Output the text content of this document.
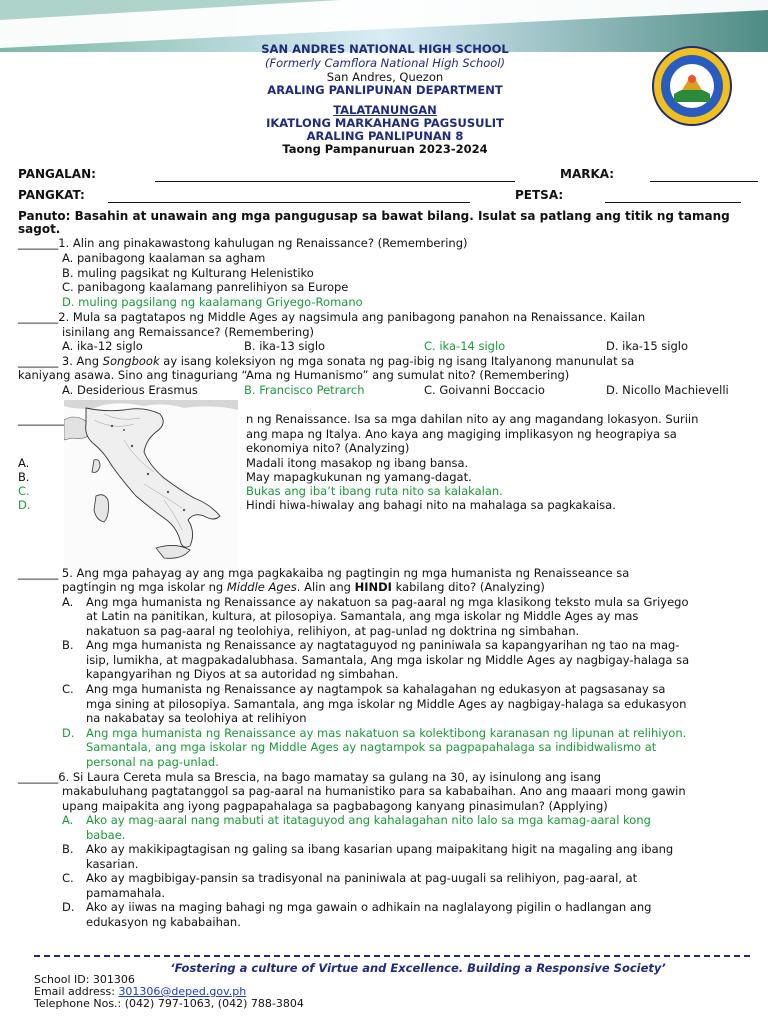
SAN ANDRES NATIONAL HIGH SCHOOL
(Formerly Camflora National High School)
San Andres, Quezon
ARALING PANLIPUNAN DEPARTMENT
TALATANUNGAN
IKATLONG MARKAHANG PAGSUSULIT
ARALING PANLIPUNAN 8
Taong Pampanuruan 2023-2024
PANGALAN:	MARKA:
PANGKAT:	PETSA:
Panuto: Basahin at unawain ang mga pangugusap sa bawat bilang. Isulat sa patlang ang titik ng tamang sagot.
_______1. Alin ang pinakawastong kahulugan ng Renaissance? (Remembering)
A. panibagong kaalaman sa agham
B. muling pagsikat ng Kulturang Helenistiko
C. panibagong kaalamang panrelihiyon sa Europe
D. muling pagsilang ng kaalamang Griyego-Romano
_______2. Mula sa pagtatapos ng Middle Ages ay nagsimula ang panibagong panahon na Renaissance. Kailan
isinilang ang Remaissance? (Remembering)
A. ika-12 siglo	B. ika-13 siglo	C. ika-14 siglo	D. ika-15 siglo
_______ 3. Ang Songbook ay isang koleksiyon ng mga sonata ng pag-ibig ng isang Italyanong manunulat sa
kaniyang asawa. Sino ang tinaguriang “Ama ng Humanismo” ang sumulat nito? (Remembering)
A. Desiderious Erasmus	B. Francisco Petrarch	C. Goivanni Boccacio	D. Nicollo Machievelli
________	n ng Renaissance. Isa sa mga dahilan nito ay ang magandang lokasyon. Suriin
ang mapa ng Italya. Ano kaya ang magiging implikasyon ng heograpiya sa
ekonomiya nito? (Analyzing)
A.	Madali itong masakop ng ibang bansa.
B.	May mapagkukunan ng yamang-dagat.
C.	Bukas ang iba’t ibang ruta nito sa kalakalan.
D.	Hindi hiwa-hiwalay ang bahagi nito na mahalaga sa pagkakaisa.
_______ 5. Ang mga pahayag ay ang mga pagkakaiba ng pagtingin ng mga humanista ng Renaisseance sa
pagtingin ng mga iskolar ng Middle Ages. Alin ang HINDI kabilang dito? (Analyzing)
A. Ang mga humanista ng Renaissance ay nakatuon sa pag-aaral ng mga klasikong teksto mula sa Griyego
at Latin na panitikan, kultura, at pilosopiya. Samantala, ang mga iskolar ng Middle Ages ay mas
nakatuon sa pag-aaral ng teolohiya, relihiyon, at pag-unlad ng doktrina ng simbahan.
B. Ang mga humanista ng Renaissance ay nagtataguyod ng paniniwala sa kapangyarihan ng tao na mag-
isip, lumikha, at magpakadalubhasa. Samantala, Ang mga iskolar ng Middle Ages ay nagbigay-halaga sa
kapangyarihan ng Diyos at sa autoridad ng simbahan.
C. Ang mga humanista ng Renaissance ay nagtampok sa kahalagahan ng edukasyon at pagsasanay sa
mga sining at pilosopiya. Samantala, ang mga iskolar ng Middle Ages ay nagbigay-halaga sa edukasyon
na nakabatay sa teolohiya at relihiyon
D. Ang mga humanista ng Renaissance ay mas nakatuon sa kolektibong karanasan ng lipunan at relihiyon.
Samantala, ang mga iskolar ng Middle Ages ay nagtampok sa pagpapahalaga sa indibidwalismo at
personal na pag-unlad.
_______6. Si Laura Cereta mula sa Brescia, na bago mamatay sa gulang na 30, ay isinulong ang isang
makabuluhang pagtatanggol sa pag-aaral na humanistiko para sa kababaihan. Ano ang maaari mong gawin
upang maipakita ang iyong pagpapahalaga sa pagbabagong kanyang pinasimulan? (Applying)
A. Ako ay mag-aaral nang mabuti at itataguyod ang kahalagahan nito lalo sa mga kamag-aaral kong
babae.
B. Ako ay makikipagtagisan ng galing sa ibang kasarian upang maipakitang higit na magaling ang ibang
kasarian.
C. Ako ay magbibigay-pansin sa tradisyonal na paniniwala at pag-uugali sa relihiyon, pag-aaral, at
pamamahala.
D. Ako ay iiwas na maging bahagi ng mga gawain o adhikain na naglalayong pigilin o hadlangan ang
edukasyon ng kababaihan.
‘Fostering a culture of Virtue and Excellence. Building a Responsive Society’
School ID: 301306
Email address: 301306@deped.gov.ph
Telephone Nos.: (042) 797-1063, (042) 788-3804
